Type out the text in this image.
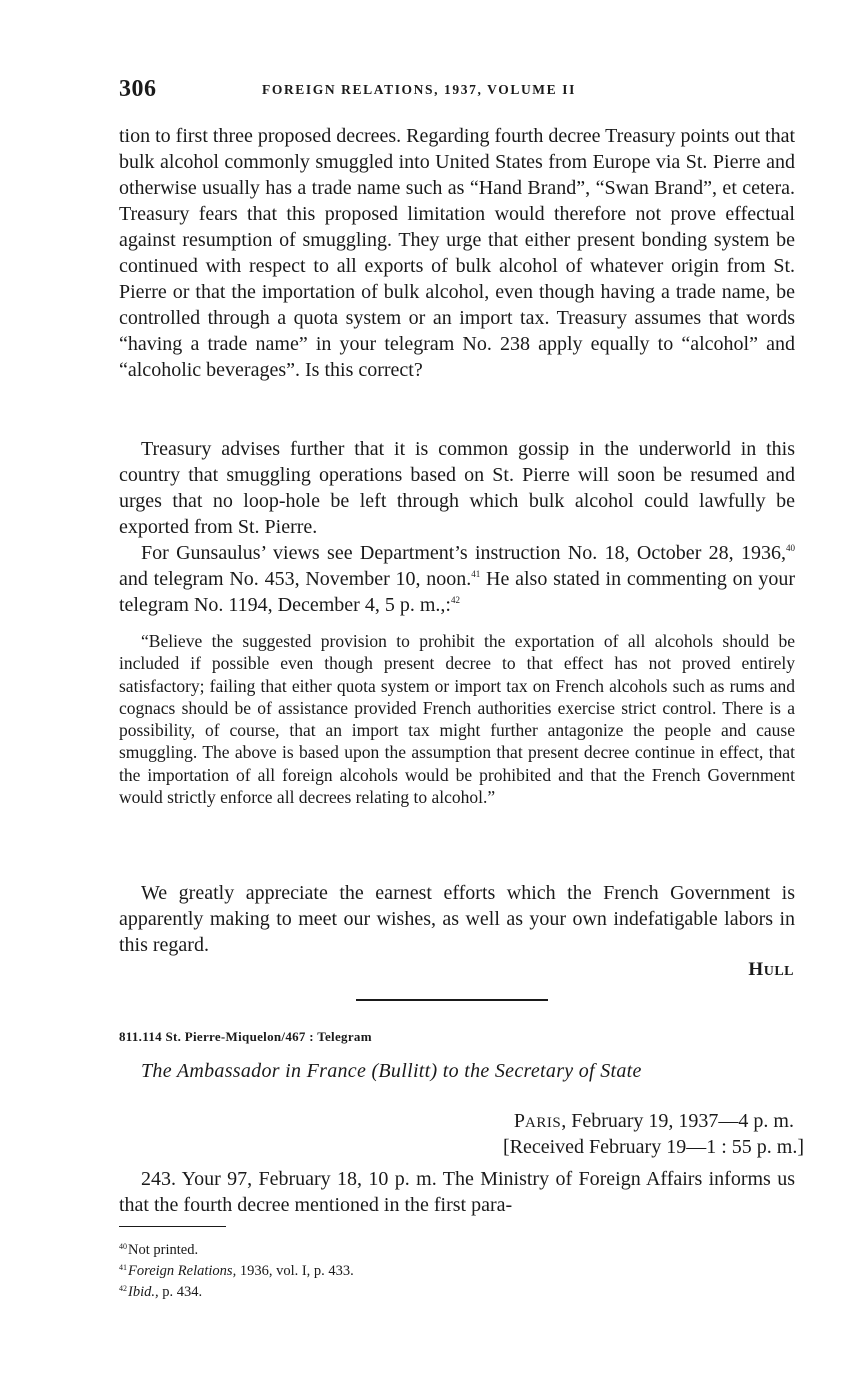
306	FOREIGN RELATIONS, 1937, VOLUME II

tion to first three proposed decrees. Regarding fourth decree Treasury points out that bulk alcohol commonly smuggled into United States from Europe via St. Pierre and otherwise usually has a trade name such as “Hand Brand”, “Swan Brand”, et cetera. Treasury fears that this proposed limitation would therefore not prove effectual against resumption of smuggling. They urge that either present bonding system be continued with respect to all exports of bulk alcohol of whatever origin from St. Pierre or that the importation of bulk alcohol, even though having a trade name, be controlled through a quota system or an import tax. Treasury assumes that words “having a trade name” in your telegram No. 238 apply equally to “alcohol” and “alcoholic beverages”. Is this correct?

Treasury advises further that it is common gossip in the underworld in this country that smuggling operations based on St. Pierre will soon be resumed and urges that no loop-hole be left through which bulk alcohol could lawfully be exported from St. Pierre.

For Gunsaulus’ views see Department’s instruction No. 18, October 28, 1936,40 and telegram No. 453, November 10, noon.$^{41}$ He also stated in commenting on your telegram No. 1194, December 4, 5 p. m.,:$^{42}$

“Believe the suggested provision to prohibit the exportation of all alcohols should be included if possible even though present decree to that effect has not proved entirely satisfactory; failing that either quota system or import tax on French alcohols such as rums and cognacs should be of assistance provided French authorities exercise strict control. There is a possibility, of course, that an import tax might further antagonize the people and cause smuggling. The above is based upon the assumption that present decree continue in effect, that the importation of all foreign alcohols would be prohibited and that the French Government would strictly enforce all decrees relating to alcohol.”

We greatly appreciate the earnest efforts which the French Government is apparently making to meet our wishes, as well as your own indefatigable labors in this regard.

HULL
811.114 St. Pierre-Miquelon/467 : Telegram
The Ambassador in France (Bullitt) to the Secretary of State
PARIS, February 19, 1937—4 p. m.
[Received February 19—1 : 55 p. m.]

243. Your 97, February 18, 10 p. m. The Ministry of Foreign Affairs informs us that the fourth decree mentioned in the first para-

$^{40}$Not printed.
$^{41}$Foreign Relations, 1936, vol. I, p. 433.
$^{42}$Ibid., p. 434.
